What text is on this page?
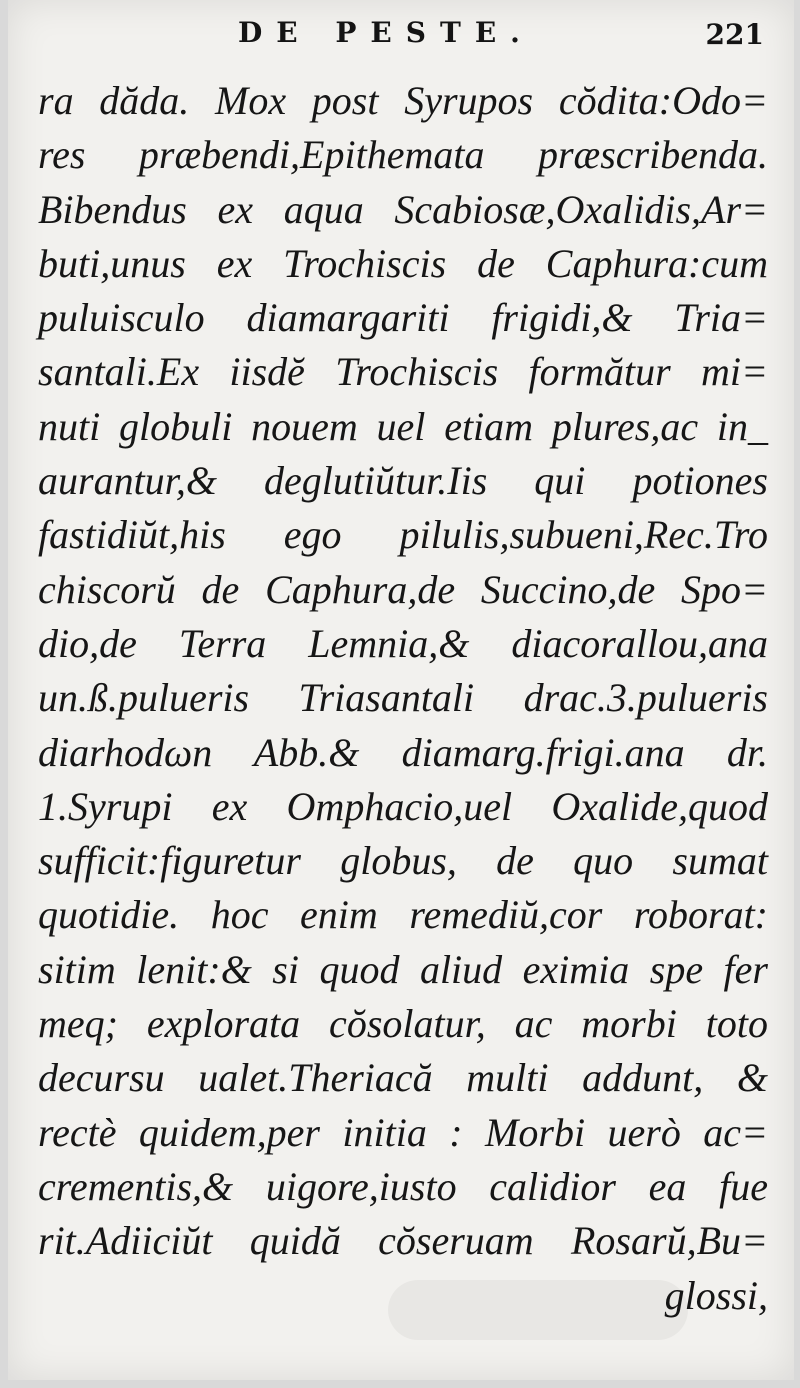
DE PESTE.	221
ra dăda. Mox post Syrupos cŏdita:Odo=
res præbendi,Epithemata præscribenda.
Bibendus ex aqua Scabiosæ,Oxalidis,Ar=
buti,unus ex Trochiscis de Caphura:cum
puluisculo diamargariti frigidi,& Tria=
santali.Ex iisdĕ Trochiscis formătur mi=
nuti globuli nouem uel etiam plures,ac in_
aurantur,& deglutiŭtur.Iis qui potiones
fastidiŭt,his ego pilulis,subueni,Rec.Tro
chiscorŭ de Caphura,de Succino,de Spo=
dio,de Terra Lemnia,& diacorallou,ana
un.ß.pulueris Triasantali drac.3.pulueris
diarhodωn Abb.& diamarg.frigi.ana dr.
1.Syrupi ex Omphacio,uel Oxalide,quod
sufficit:figuretur globus, de quo sumat
quotidie. hoc enim remediŭ,cor roborat:
sitim lenit:& si quod aliud eximia spe fer
meq; explorata cŏsolatur, ac morbi toto
decursu ualet.Theriacă multi addunt, &
rectè quidem,per initia : Morbi uerò ac=
crementis,& uigore,iusto calidior ea fue
rit.Adiiciŭt quidă cŏseruam Rosarŭ,Bu=
glossi,
